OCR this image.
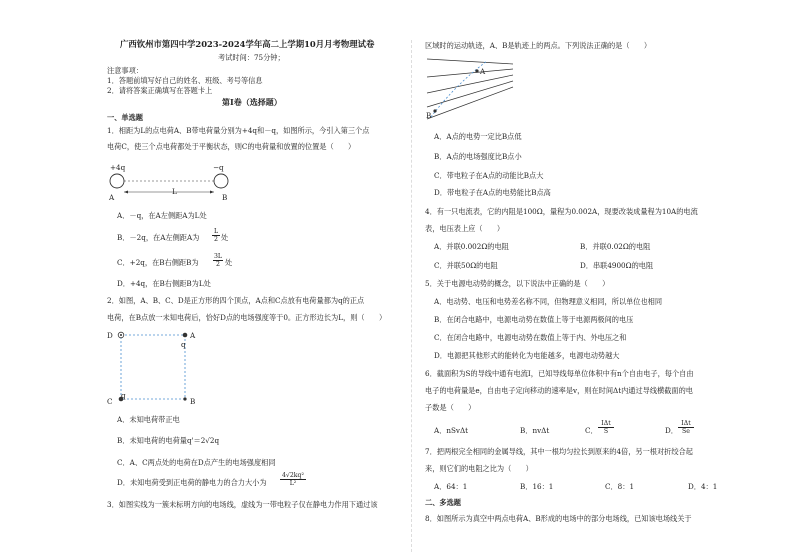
广西钦州市第四中学2023-2024学年高二上学期10月月考物理试卷
考试时间：75分钟；
注意事项：
1．答题前填写好自己的姓名、班级、考号等信息
2．请将答案正确填写在答题卡上
第I卷（选择题）
一、单选题
1．相距为L的点电荷A、B带电荷量分别为+4q和－q，如图所示，今引入第三个点
电荷C，使三个点电荷都处于平衡状态，则C的电荷量和放置的位置是（　　）
+4q	−q
A
L
B
A．－q，在A左侧距A为L处
B．－2q，在A左侧距A为 $\frac{L}{2}$ 处
C．+2q，在B右侧距B为 $\frac{3L}{2}$ 处
D．+4q，在B右侧距B为L处
2．如图，A、B、C、D是正方形的四个顶点，A点和C点放有电荷量都为q的正点
电荷，在B点放一未知电荷后，恰好D点的电场强度等于0。正方形边长为L，则（　　）
D	A
q
q
C	B
A．未知电荷带正电
B．未知电荷的电荷量q'＝2√2q
C．A、C两点处的电荷在D点产生的电场强度相同
D．未知电荷受到正电荷的静电力的合力大小为 $\frac{\text{4√2kq²}}{\text{L²}}$
3．如图实线为一簇未标明方向的电场线，虚线为一带电粒子仅在静电力作用下通过该
区域时的运动轨迹，A、B是轨迹上的两点。下列说法正确的是（　　）
A
B
A．A点的电势一定比B点低
B．A点的电场强度比B点小
C．带电粒子在A点的动能比B点大
D．带电粒子在A点的电势能比B点高
4．有一只电流表，它的内阻是100Ω，量程为0.002A，现要改装成量程为10A的电流
表，电压表上应（　　）
A．并联0.002Ω的电阻	B．并联0.02Ω的电阻
C．并联50Ω的电阻	D．串联4900Ω的电阻
5．关于电源电动势的概念，以下说法中正确的是（　　）
A．电动势、电压和电势差名称不同，但物理意义相同，所以单位也相同
B．在闭合电路中，电源电动势在数值上等于电源两极间的电压
C．在闭合电路中，电源电动势在数值上等于内、外电压之和
D．电源把其他形式的能转化为电能越多，电源电动势越大
6．截面积为S的导线中通有电流I，已知导线每单位体积中有n个自由电子，每个自由
电子的电荷量是e，自由电子定向移动的速率是v，则在时间Δt内通过导线横截面的电
子数是（　　）
A．nSvΔt	B．nvΔt	C．
IΔt
S	D．
IΔt
Se
7．把两根完全相同的金属导线，其中一根均匀拉长到原来的4倍，另一根对折绞合起
来，则它们的电阻之比为（　　）
A．64：1	B．16：1	C．8：1	D．4：1
二、多选题
8．如图所示为真空中两点电荷A、B形成的电场中的部分电场线，已知该电场线关于
